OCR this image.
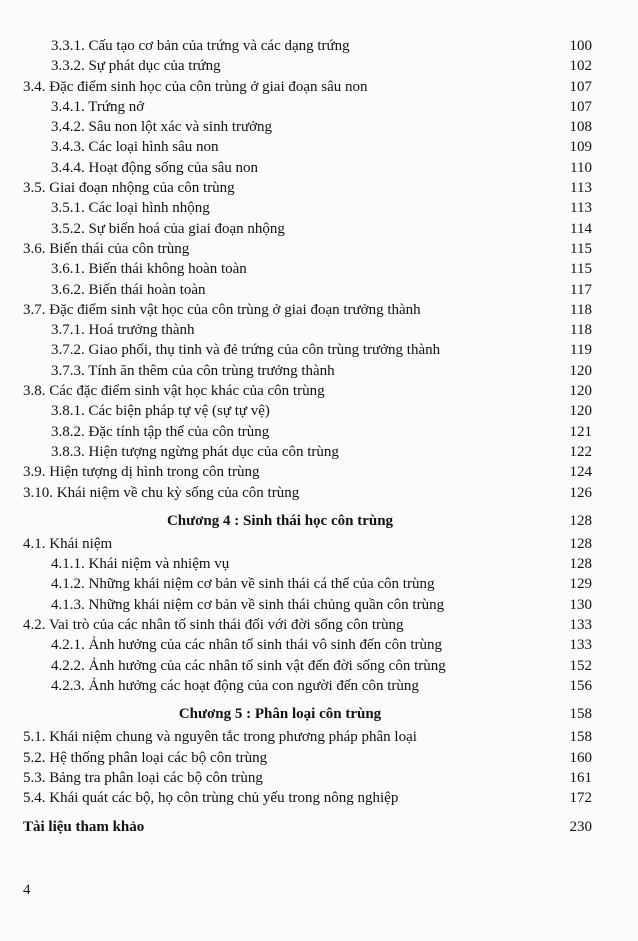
3.3.1. Cấu tạo cơ bản của trứng và các dạng trứng	100
3.3.2. Sự phát dục của trứng	102
3.4. Đặc điểm sinh học của côn trùng ở giai đoạn sâu non	107
3.4.1. Trứng nở	107
3.4.2. Sâu non lột xác và sinh trưởng	108
3.4.3. Các loại hình sâu non	109
3.4.4. Hoạt động sống của sâu non	110
3.5. Giai đoạn nhộng của côn trùng	113
3.5.1. Các loại hình nhộng	113
3.5.2. Sự biến hoá của giai đoạn nhộng	114
3.6. Biến thái của côn trùng	115
3.6.1. Biến thái không hoàn toàn	115
3.6.2. Biến thái hoàn toàn	117
3.7. Đặc điểm sinh vật học của côn trùng ở giai đoạn trưởng thành	118
3.7.1. Hoá trưởng thành	118
3.7.2. Giao phối, thụ tinh và đẻ trứng của côn trùng trưởng thành	119
3.7.3. Tính ăn thêm của côn trùng trưởng thành	120
3.8. Các đặc điểm sinh vật học khác của côn trùng	120
3.8.1. Các biện pháp tự vệ (sự tự vệ)	120
3.8.2. Đặc tính tập thể của côn trùng	121
3.8.3. Hiện tượng ngừng phát dục của côn trùng	122
3.9. Hiện tượng dị hình trong côn trùng	124
3.10. Khái niệm về chu kỳ sống của côn trùng	126
Chương 4 : Sinh thái học côn trùng	128
4.1. Khái niệm	128
4.1.1. Khái niệm và nhiệm vụ	128
4.1.2. Những khái niệm cơ bản về sinh thái cá thể của côn trùng	129
4.1.3. Những khái niệm cơ bản về sinh thái chủng quần côn trùng	130
4.2. Vai trò của các nhân tố sinh thái đối với đời sống côn trùng	133
4.2.1. Ảnh hưởng của các nhân tố sinh thái vô sinh đến côn trùng	133
4.2.2. Ảnh hưởng của các nhân tố sinh vật đến đời sống côn trùng	152
4.2.3. Ảnh hưởng các hoạt động của con người đến côn trùng	156
Chương 5 : Phân loại côn trùng	158
5.1. Khái niệm chung và nguyên tắc trong phương pháp phân loại	158
5.2. Hệ thống phân loại các bộ côn trùng	160
5.3. Bảng tra phân loại các bộ côn trùng	161
5.4. Khái quát các bộ, họ côn trùng chủ yếu trong nông nghiệp	172
Tài liệu tham khảo	230
4
